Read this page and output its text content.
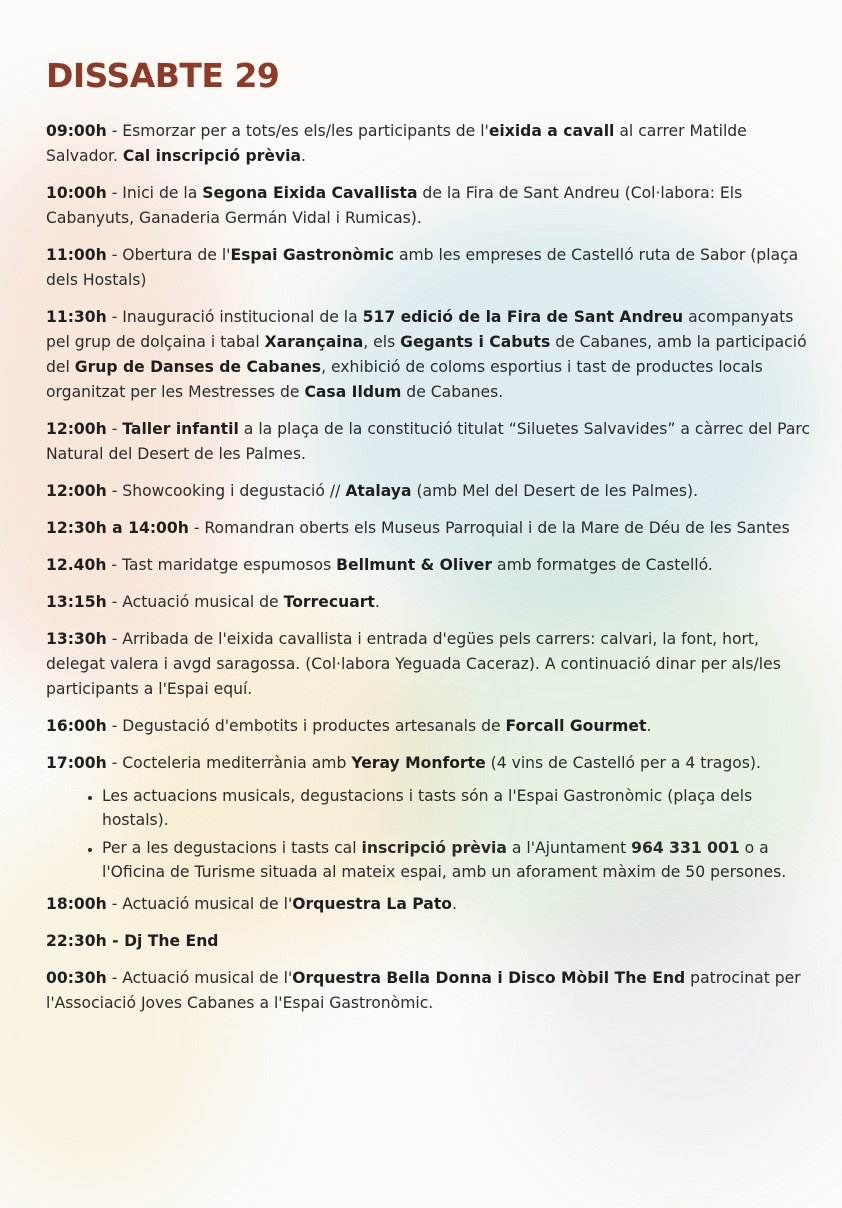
DISSABTE 29

09:00h - Esmorzar per a tots/es els/les participants de l'eixida a cavall al carrer Matilde Salvador. Cal inscripció prèvia.

10:00h - Inici de la Segona Eixida Cavallista de la Fira de Sant Andreu (Col·labora: Els Cabanyuts, Ganaderia Germán Vidal i Rumicas).

11:00h - Obertura de l'Espai Gastronòmic amb les empreses de Castelló ruta de Sabor (plaça dels Hostals)

11:30h - Inauguració institucional de la 517 edició de la Fira de Sant Andreu acompanyats pel grup de dolçaina i tabal Xarançaina, els Gegants i Cabuts de Cabanes, amb la participació del Grup de Danses de Cabanes, exhibició de coloms esportius i tast de productes locals organitzat per les Mestresses de Casa Ildum de Cabanes.

12:00h - Taller infantil a la plaça de la constitució titulat “Siluetes Salvavides” a càrrec del Parc Natural del Desert de les Palmes.

12:00h - Showcooking i degustació // Atalaya (amb Mel del Desert de les Palmes).

12:30h a 14:00h - Romandran oberts els Museus Parroquial i de la Mare de Déu de les Santes

12.40h - Tast maridatge espumosos Bellmunt & Oliver amb formatges de Castelló.

13:15h - Actuació musical de Torrecuart.

13:30h - Arribada de l'eixida cavallista i entrada d'egües pels carrers: calvari, la font, hort, delegat valera i avgd saragossa. (Col·labora Yeguada Caceraz). A continuació dinar per als/les participants a l'Espai equí.

16:00h - Degustació d'embotits i productes artesanals de Forcall Gourmet.

17:00h - Cocteleria mediterrània amb Yeray Monforte (4 vins de Castelló per a 4 tragos).

• Les actuacions musicals, degustacions i tasts són a l'Espai Gastronòmic (plaça dels hostals).
• Per a les degustacions i tasts cal inscripció prèvia a l'Ajuntament 964 331 001 o a l'Oficina de Turisme situada al mateix espai, amb un aforament màxim de 50 persones.

18:00h - Actuació musical de l'Orquestra La Pato.

22:30h - Dj The End

00:30h - Actuació musical de l'Orquestra Bella Donna i Disco Mòbil The End patrocinat per l'Associació Joves Cabanes a l'Espai Gastronòmic.
